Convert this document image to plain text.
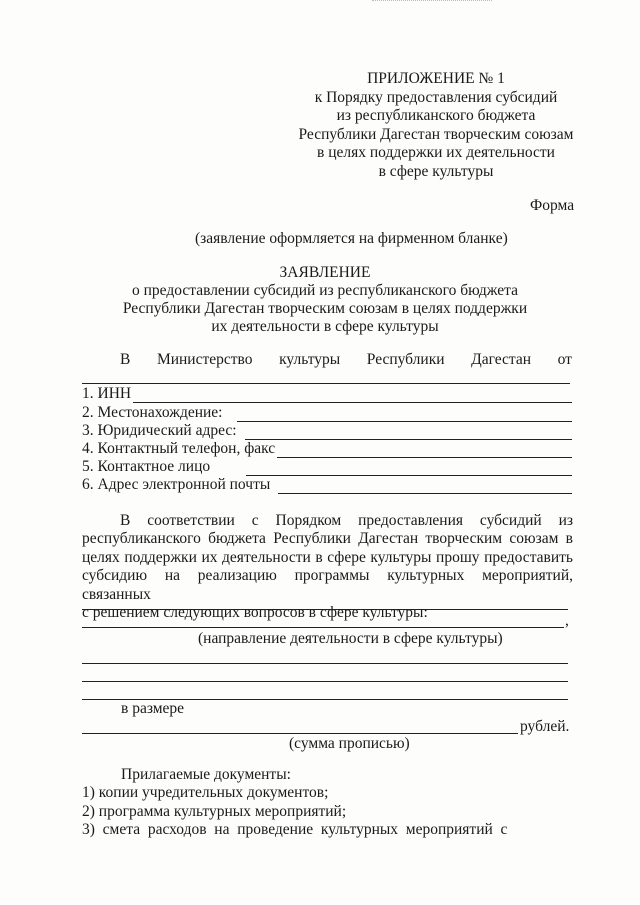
ПРИЛОЖЕНИЕ № 1
к Порядку предоставления субсидий
из республиканского бюджета
Республики Дагестан творческим союзам
в целях поддержки их деятельности
в сфере культуры
Форма
(заявление оформляется на фирменном бланке)
ЗАЯВЛЕНИЕ
о предоставлении субсидий из республиканского бюджета
Республики Дагестан творческим союзам в целях поддержки
их деятельности в сфере культуры
В Министерство культуры Республики Дагестан от
1. ИНН
2. Местонахождение:
3. Юридический адрес:
4. Контактный телефон, факс
5. Контактное лицо
6. Адрес электронной почты
В соответствии с Порядком предоставления субсидий из
республиканского бюджета Республики Дагестан творческим союзам в
целях поддержки их деятельности в сфере культуры прошу предоставить
субсидию на реализацию программы культурных мероприятий, связанных
с решением следующих вопросов в сфере культуры:	,
(направление деятельности в сфере культуры)
в размере
рублей.
(сумма прописью)
Прилагаемые документы:
1) копии учредительных документов;
2) программа культурных мероприятий;
3)  смета  расходов  на  проведение  культурных  мероприятий  с
